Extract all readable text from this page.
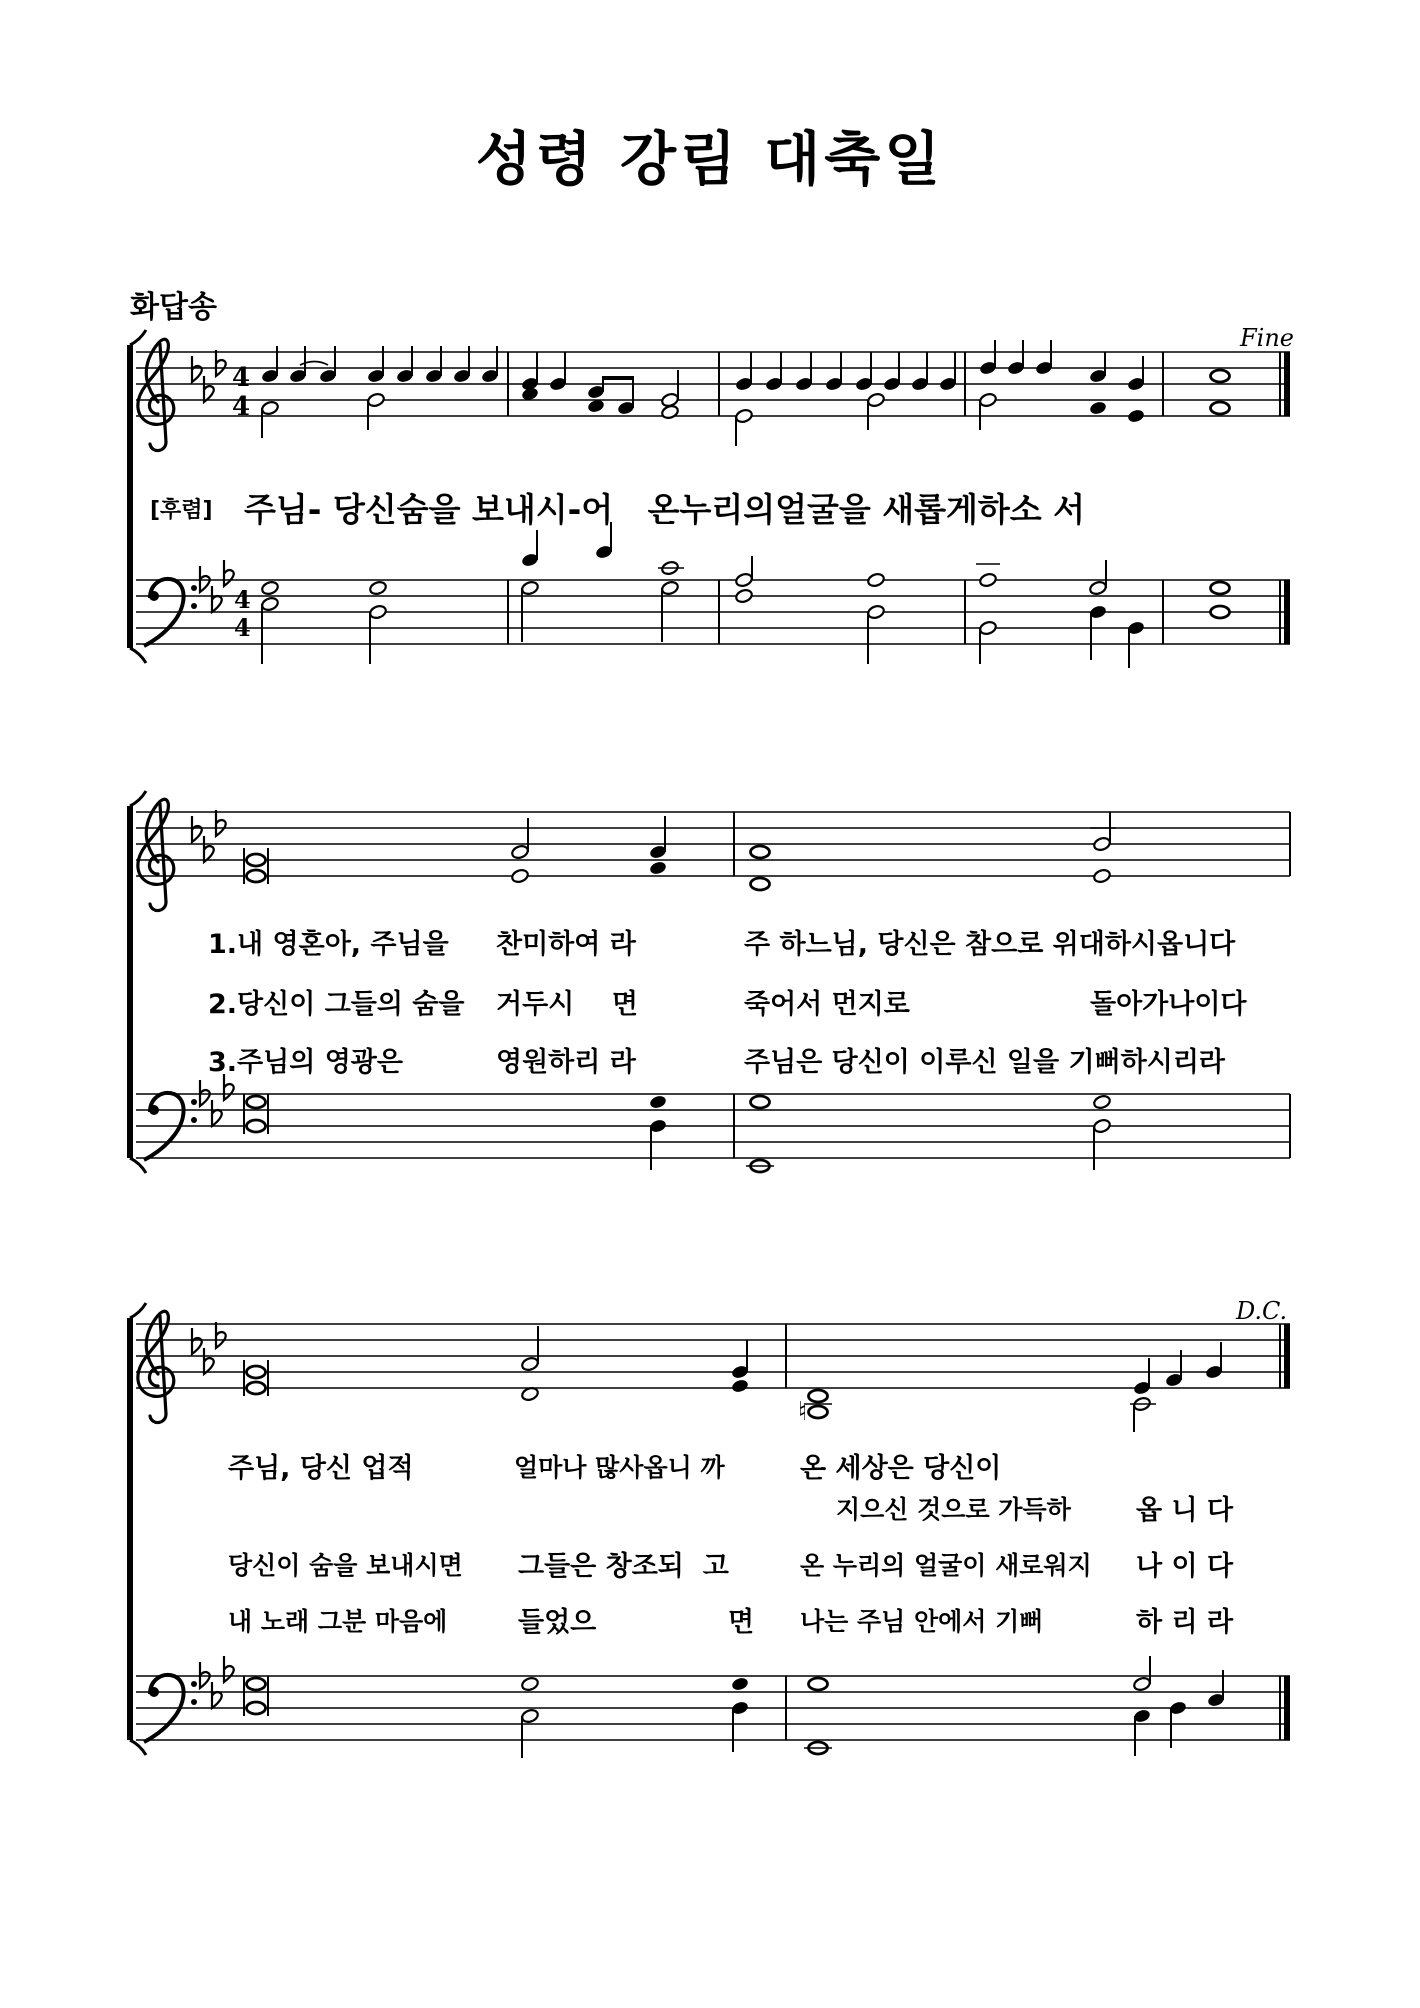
성령 강림 대축일
화답송
4
4
4
4
♮
Fine
D.C.
[후렴] 주님- 당신숨을 보내시-어   온누리의얼굴을 새롭게하소 서
1.내 영혼아, 주님을 찬미하여 라	주 하느님, 당신은 참으로 위대하시옵니다
2.당신이 그들의 숨을 거두시    면	죽어서 먼지로	돌아가나이다
3.주님의 영광은	영원하리 라	주님은 당신이 이루신 일을 기뻐하시리라
주님, 당신 업적	얼마나 많사옵니 까	온 세상은 당신이
지으신 것으로 가득하 옵 니 다
당신이 숨을 보내시면 그들은 창조되  고	온 누리의 얼굴이 새로워지 나 이 다
내 노래 그분 마음에	들었으	면 나는 주님 안에서 기뻐	하 리 라
